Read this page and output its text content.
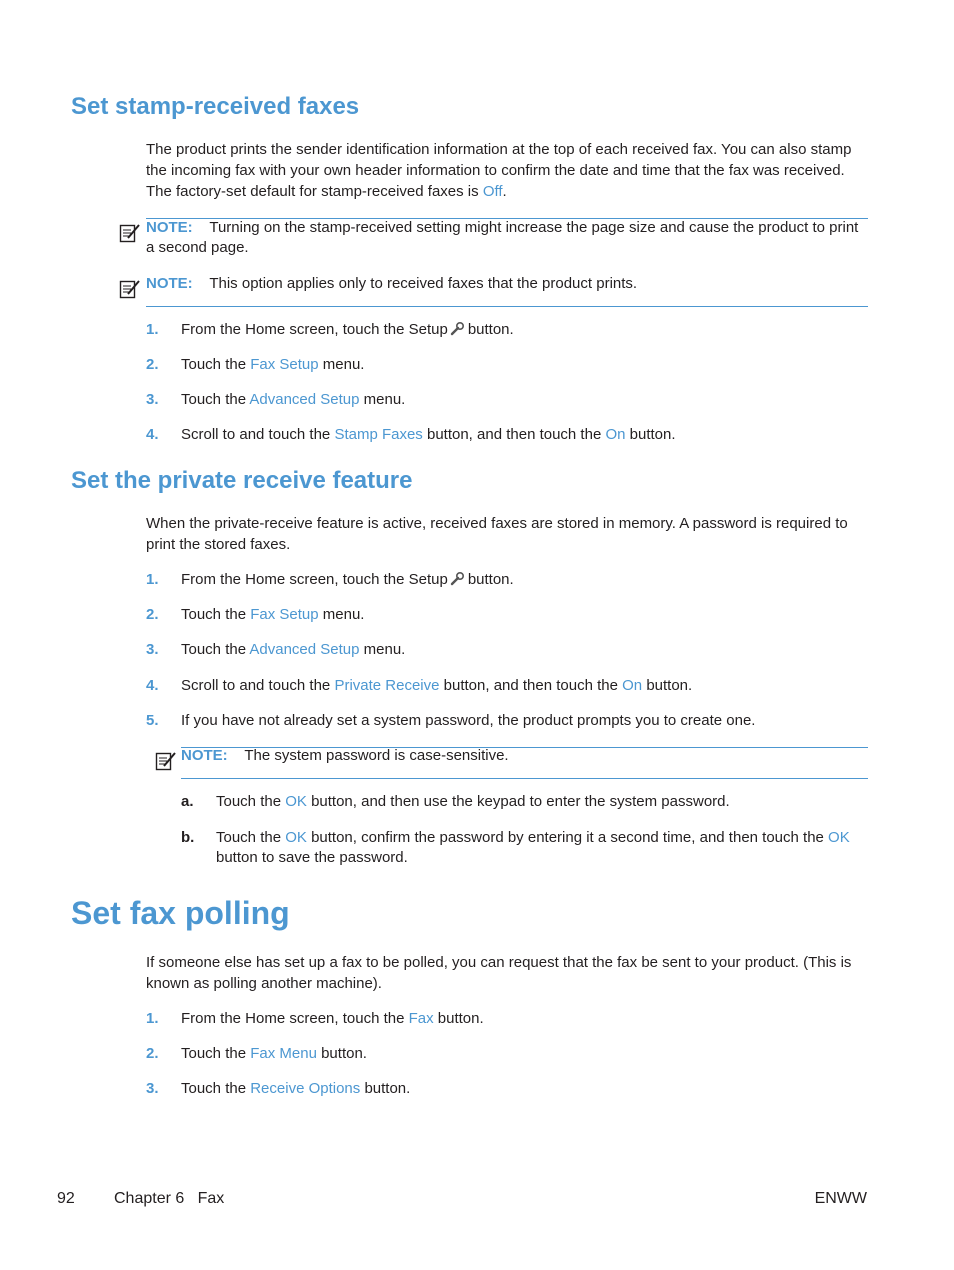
Set stamp-received faxes

The product prints the sender identification information at the top of each received fax. You can also stamp the incoming fax with your own header information to confirm the date and time that the fax was received. The factory-set default for stamp-received faxes is Off.

NOTE: Turning on the stamp-received setting might increase the page size and cause the product to print a second page.
NOTE: This option applies only to received faxes that the product prints.
1. From the Home screen, touch the Setup button.
2. Touch the Fax Setup menu.
3. Touch the Advanced Setup menu.
4. Scroll to and touch the Stamp Faxes button, and then touch the On button.
Set the private receive feature

When the private-receive feature is active, received faxes are stored in memory. A password is required to print the stored faxes.

1. From the Home screen, touch the Setup button.
2. Touch the Fax Setup menu.
3. Touch the Advanced Setup menu.
4. Scroll to and touch the Private Receive button, and then touch the On button.
5. If you have not already set a system password, the product prompts you to create one.
NOTE: The system password is case-sensitive.
a. Touch the OK button, and then use the keypad to enter the system password.
b. Touch the OK button, confirm the password by entering it a second time, and then touch the OK button to save the password.
Set fax polling

If someone else has set up a fax to be polled, you can request that the fax be sent to your product. (This is known as polling another machine).

1. From the Home screen, touch the Fax button.
2. Touch the Fax Menu button.
3. Touch the Receive Options button.
92 Chapter 6   Fax	ENWW
